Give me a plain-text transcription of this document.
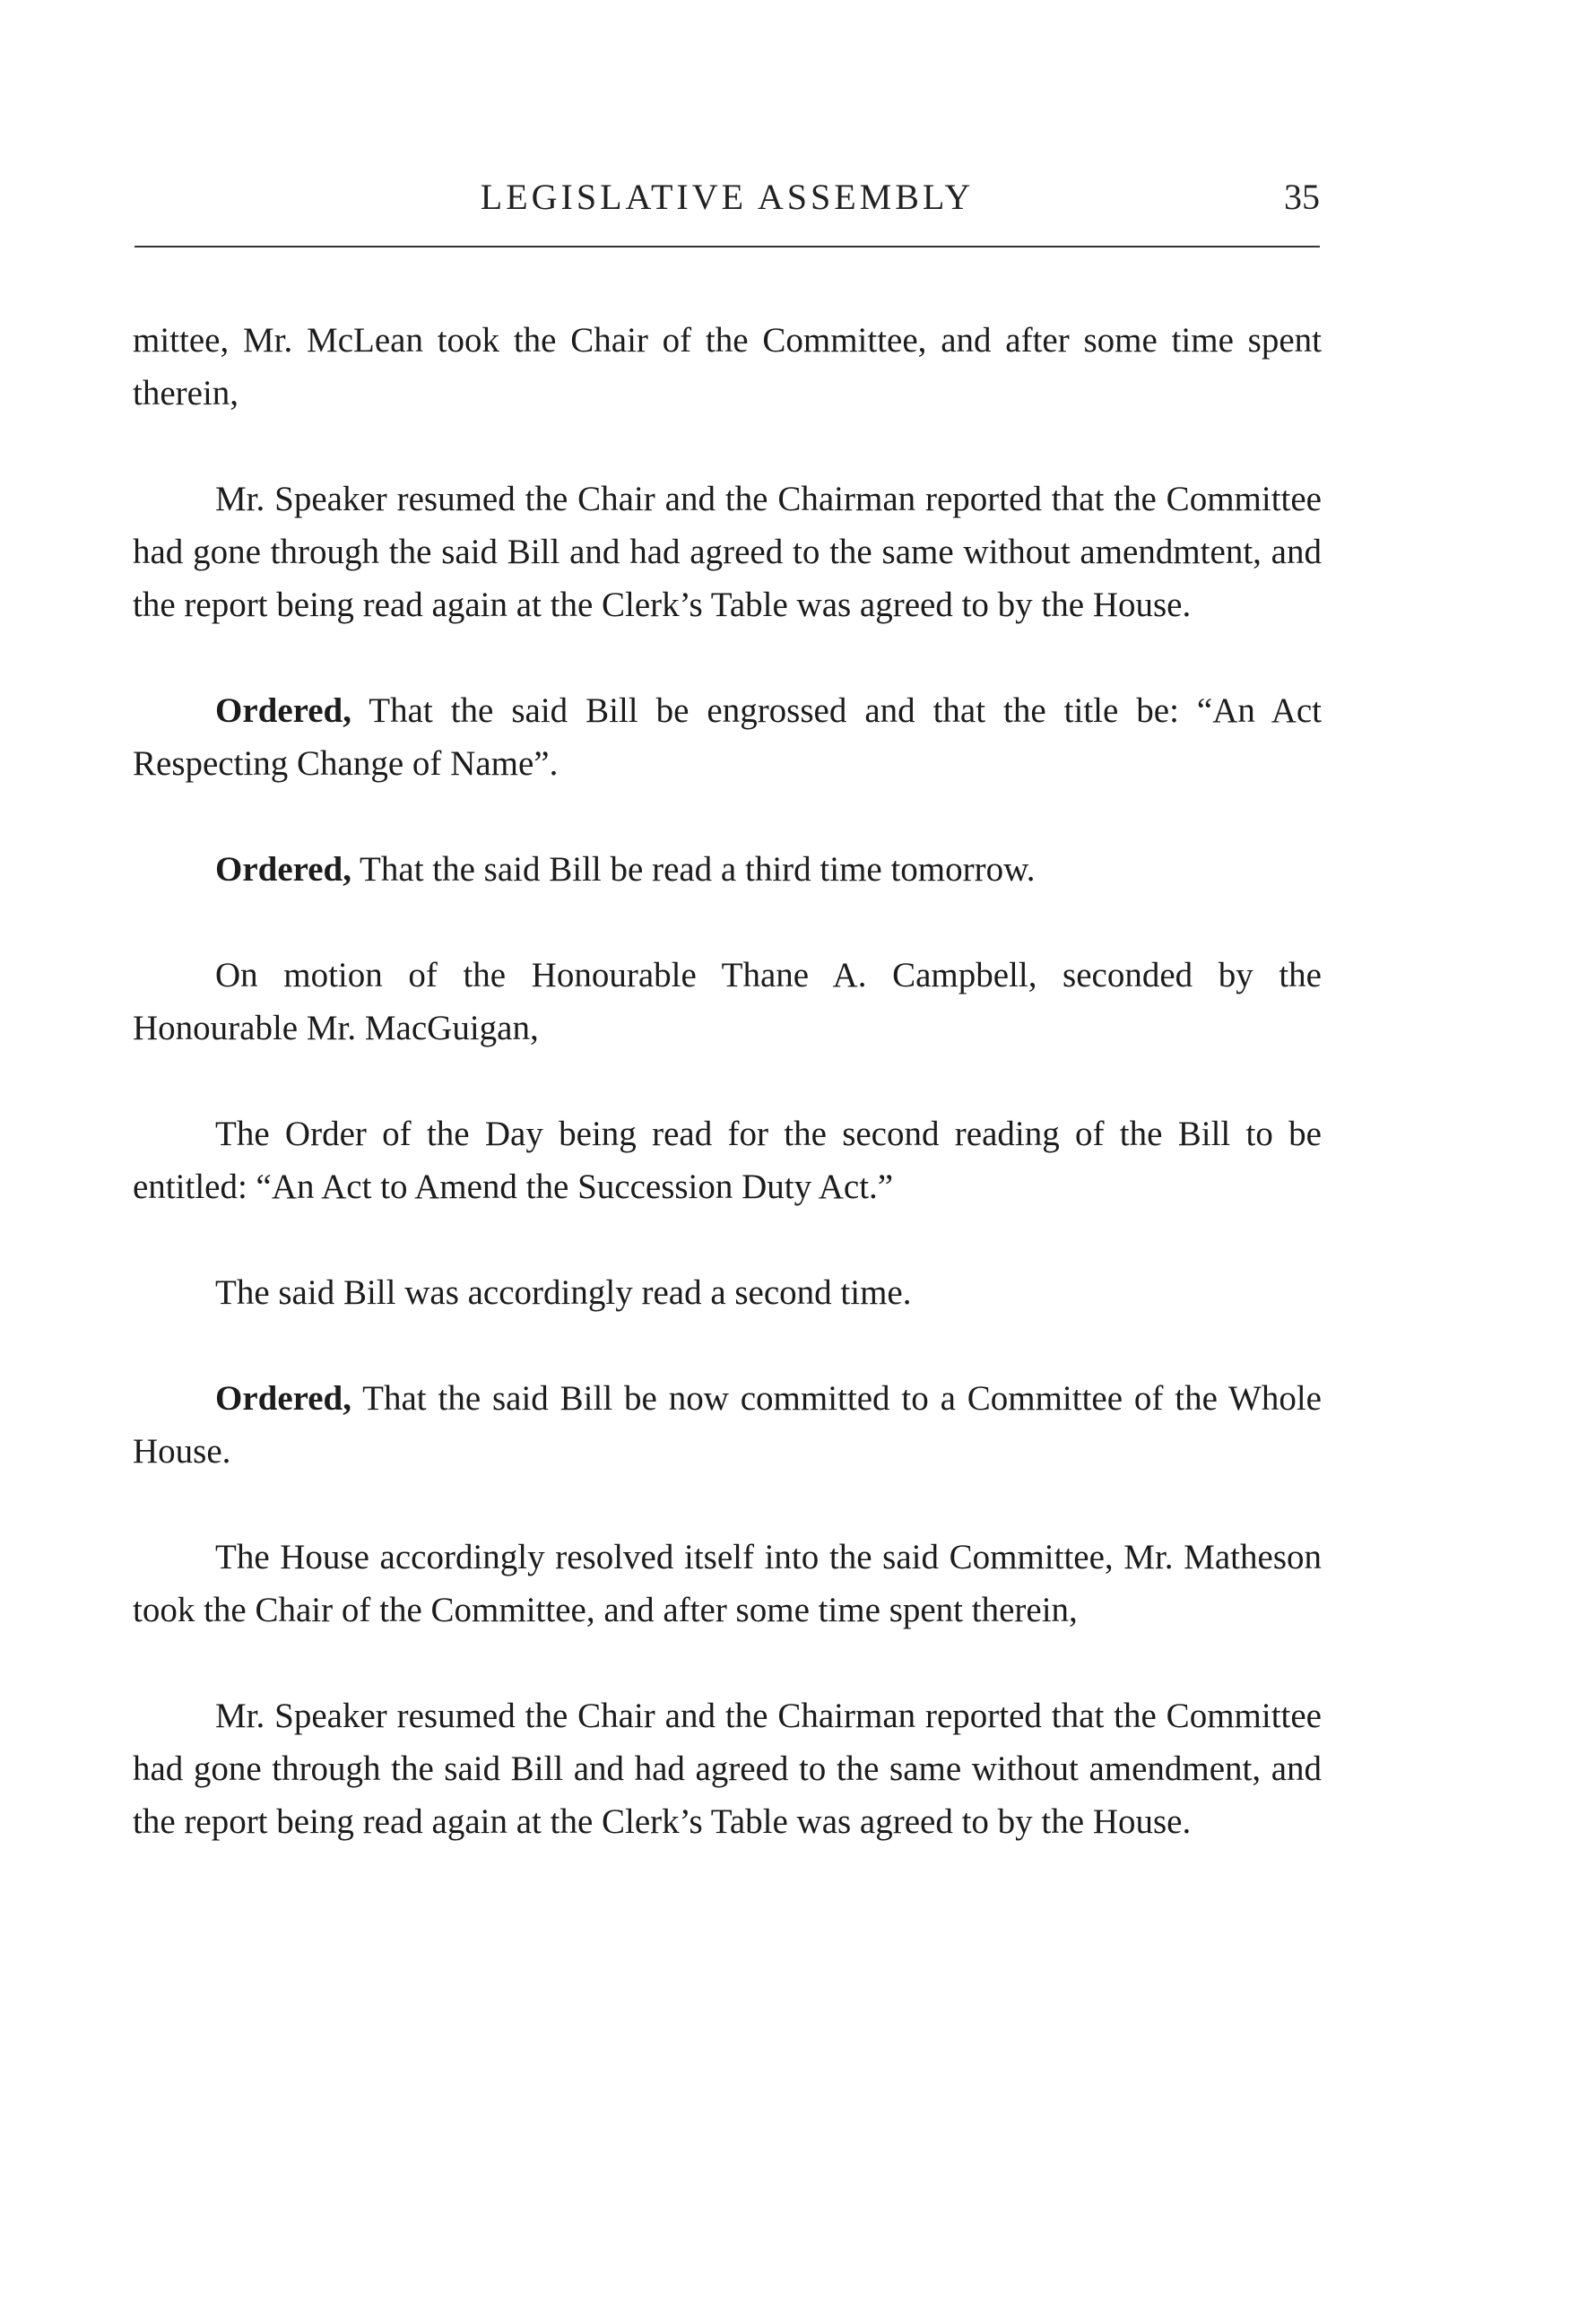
LEGISLATIVE ASSEMBLY	35

mittee, Mr. McLean took the Chair of the Committee, and after some time spent therein,

Mr. Speaker resumed the Chair and the Chairman reported that the Committee had gone through the said Bill and had agreed to the same without amendmtent, and the report being read again at the Clerk’s Table was agreed to by the House.

Ordered, That the said Bill be engrossed and that the title be: “An Act Respecting Change of Name”.

Ordered, That the said Bill be read a third time tomorrow.

On motion of the Honourable Thane A. Campbell, seconded by the Honourable Mr. MacGuigan,

The Order of the Day being read for the second reading of the Bill to be entitled: “An Act to Amend the Succession Duty Act.”

The said Bill was accordingly read a second time.

Ordered, That the said Bill be now committed to a Committee of the Whole House.

The House accordingly resolved itself into the said Committee, Mr. Matheson took the Chair of the Committee, and after some time spent therein,

Mr. Speaker resumed the Chair and the Chairman reported that the Committee had gone through the said Bill and had agreed to the same without amendment, and the report being read again at the Clerk’s Table was agreed to by the House.
